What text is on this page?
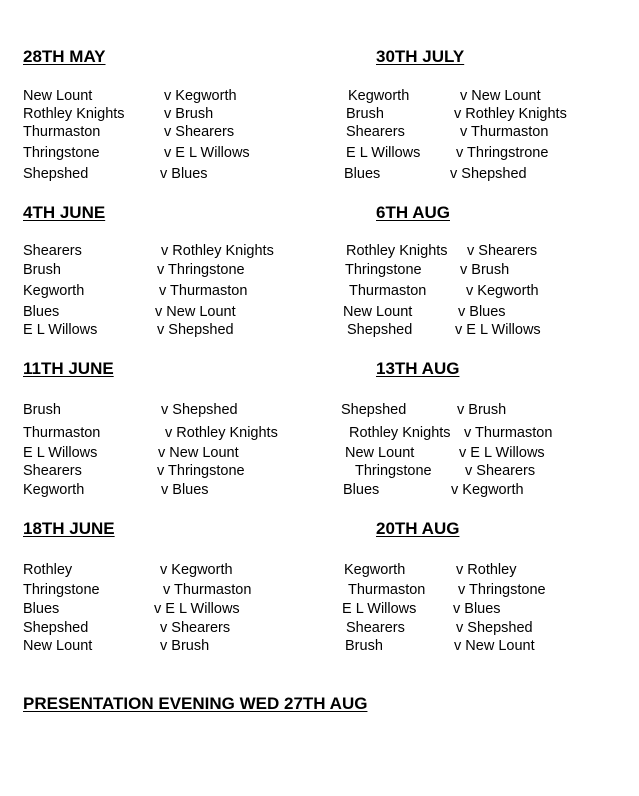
28TH MAY	30TH JULY
New Lount	v Kegworth
Rothley Knights	v Brush
Thurmaston	v Shearers
Thringstone	v E L Willows
Shepshed	v Blues
Kegworth	v New Lount
Brush	v Rothley Knights
Shearers	v Thurmaston
E L Willows v Thringstrone
Blues	v Shepshed
4TH JUNE	6TH AUG
Shearers	v Rothley Knights
Brush	v Thringstone
Kegworth	v Thurmaston
Blues	v New Lount
E L Willows	v Shepshed
Rothley Knights v Shearers
Thringstone	v Brush
Thurmaston	v Kegworth
New Lount	v Blues
Shepshed	v E L Willows
11TH JUNE	13TH AUG
Brush	v Shepshed
Thurmaston	v Rothley Knights
E L Willows	v New Lount
Shearers	v Thringstone
Kegworth	v Blues
Shepshed	v Brush
Rothley Knights v Thurmaston
New Lount	v E L Willows
Thringstone v Shearers
Blues	v Kegworth
18TH JUNE	20TH AUG
Rothley	v Kegworth
Thringstone	v Thurmaston
Blues	v E L Willows
Shepshed	v Shearers
New Lount	v Brush
Kegworth	v Rothley
Thurmaston v Thringstone
E L Willows	v Blues
Shearers	v Shepshed
Brush	v New Lount
PRESENTATION EVENING WED 27TH AUG
